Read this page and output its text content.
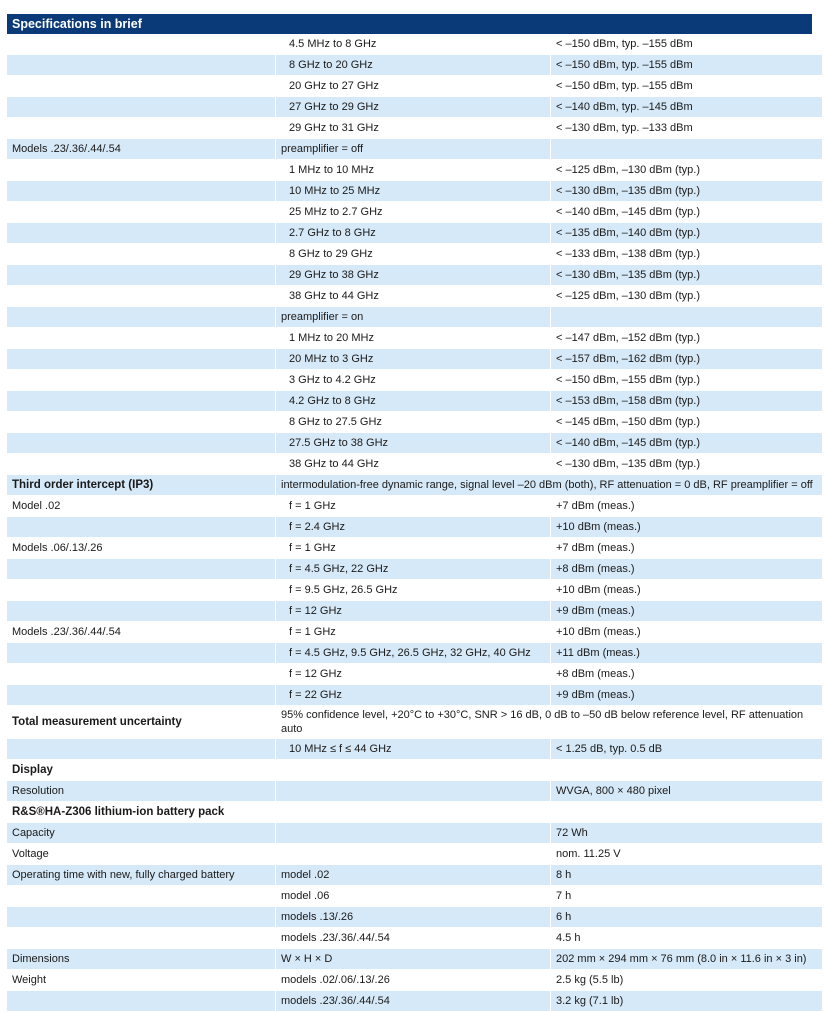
Specifications in brief
	4.5 MHz to 8 GHz	< –150 dBm, typ. –155 dBm
	8 GHz to 20 GHz	< –150 dBm, typ. –155 dBm
	20 GHz to 27 GHz	< –150 dBm, typ. –155 dBm
	27 GHz to 29 GHz	< –140 dBm, typ. –145 dBm
	29 GHz to 31 GHz	< –130 dBm, typ. –133 dBm
Models .23/.36/.44/.54	preamplifier = off	
	1 MHz to 10 MHz	< –125 dBm, –130 dBm (typ.)
	10 MHz to 25 MHz	< –130 dBm, –135 dBm (typ.)
	25 MHz to 2.7 GHz	< –140 dBm, –145 dBm (typ.)
	2.7 GHz to 8 GHz	< –135 dBm, –140 dBm (typ.)
	8 GHz to 29 GHz	< –133 dBm, –138 dBm (typ.)
	29 GHz to 38 GHz	< –130 dBm, –135 dBm (typ.)
	38 GHz to 44 GHz	< –125 dBm, –130 dBm (typ.)
	preamplifier = on	
	1 MHz to 20 MHz	< –147 dBm, –152 dBm (typ.)
	20 MHz to 3 GHz	< –157 dBm, –162 dBm (typ.)
	3 GHz to 4.2 GHz	< –150 dBm, –155 dBm (typ.)
	4.2 GHz to 8 GHz	< –153 dBm, –158 dBm (typ.)
	8 GHz to 27.5 GHz	< –145 dBm, –150 dBm (typ.)
	27.5 GHz to 38 GHz	< –140 dBm, –145 dBm (typ.)
	38 GHz to 44 GHz	< –130 dBm, –135 dBm (typ.)
Third order intercept (IP3)	intermodulation-free dynamic range, signal level –20 dBm (both), RF attenuation = 0 dB, RF preamplifier = off	
Model .02	f = 1 GHz	+7 dBm (meas.)
	f = 2.4 GHz	+10 dBm (meas.)
Models .06/.13/.26	f = 1 GHz	+7 dBm (meas.)
	f = 4.5 GHz, 22 GHz	+8 dBm (meas.)
	f = 9.5 GHz, 26.5 GHz	+10 dBm (meas.)
	f = 12 GHz	+9 dBm (meas.)
Models .23/.36/.44/.54	f = 1 GHz	+10 dBm (meas.)
	f = 4.5 GHz, 9.5 GHz, 26.5 GHz, 32 GHz, 40 GHz	+11 dBm (meas.)
	f = 12 GHz	+8 dBm (meas.)
	f = 22 GHz	+9 dBm (meas.)
Total measurement uncertainty	95% confidence level, +20°C to +30°C, SNR > 16 dB, 0 dB to –50 dB below reference level, RF attenuation auto	
	10 MHz ≤ f ≤ 44 GHz	< 1.25 dB, typ. 0.5 dB
Display		
Resolution		WVGA, 800 × 480 pixel
R&S®HA-Z306 lithium-ion battery pack		
Capacity		72 Wh
Voltage		nom. 11.25 V
Operating time with new, fully charged battery	model .02	8 h
	model .06	7 h
	models .13/.26	6 h
	models .23/.36/.44/.54	4.5 h
Dimensions	W × H × D	202 mm × 294 mm × 76 mm (8.0 in × 11.6 in × 3 in)
Weight	models .02/.06/.13/.26	2.5 kg (5.5 lb)
	models .23/.36/.44/.54	3.2 kg (7.1 lb)
